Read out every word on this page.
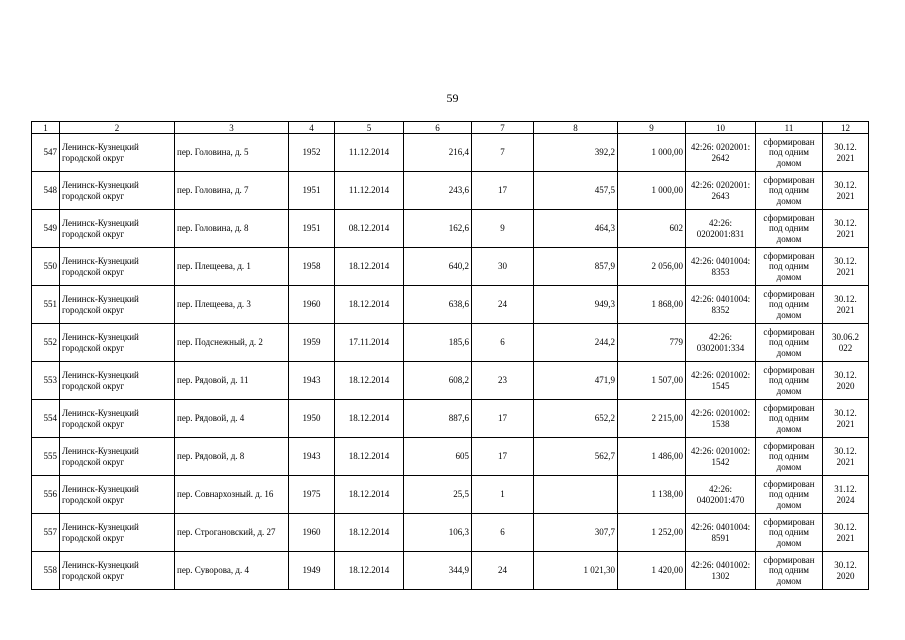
59
1	2	3	4	5	6	7	8	9	10	11	12
547	Ленинск-Кузнецкий городской округ	пер. Головина, д. 5	1952	11.12.2014	216,4	7	392,2	1 000,00	42:26: 0202001: 2642	сформирован под одним домом	30.12. 2021
548	Ленинск-Кузнецкий городской округ	пер. Головина, д. 7	1951	11.12.2014	243,6	17	457,5	1 000,00	42:26: 0202001: 2643	сформирован под одним домом	30.12. 2021
549	Ленинск-Кузнецкий городской округ	пер. Головина, д. 8	1951	08.12.2014	162,6	9	464,3	602	42:26: 0202001:831	сформирован под одним домом	30.12. 2021
550	Ленинск-Кузнецкий городской округ	пер. Плещеева, д. 1	1958	18.12.2014	640,2	30	857,9	2 056,00	42:26: 0401004: 8353	сформирован под одним домом	30.12. 2021
551	Ленинск-Кузнецкий городской округ	пер. Плещеева, д. 3	1960	18.12.2014	638,6	24	949,3	1 868,00	42:26: 0401004: 8352	сформирован под одним домом	30.12. 2021
552	Ленинск-Кузнецкий городской округ	пер. Подснежный, д. 2	1959	17.11.2014	185,6	6	244,2	779	42:26: 0302001:334	сформирован под одним домом	30.06.2 022
553	Ленинск-Кузнецкий городской округ	пер. Рядовой, д. 11	1943	18.12.2014	608,2	23	471,9	1 507,00	42:26: 0201002: 1545	сформирован под одним домом	30.12. 2020
554	Ленинск-Кузнецкий городской округ	пер. Рядовой, д. 4	1950	18.12.2014	887,6	17	652,2	2 215,00	42:26: 0201002: 1538	сформирован под одним домом	30.12. 2021
555	Ленинск-Кузнецкий городской округ	пер. Рядовой, д. 8	1943	18.12.2014	605	17	562,7	1 486,00	42:26: 0201002: 1542	сформирован под одним домом	30.12. 2021
556	Ленинск-Кузнецкий городской округ	пер. Совнархозный. д. 16	1975	18.12.2014	25,5	1		1 138,00	42:26: 0402001:470	сформирован под одним домом	31.12. 2024
557	Ленинск-Кузнецкий городской округ	пер. Строгановский, д. 27	1960	18.12.2014	106,3	6	307,7	1 252,00	42:26: 0401004: 8591	сформирован под одним домом	30.12. 2021
558	Ленинск-Кузнецкий городской округ	пер. Суворова, д. 4	1949	18.12.2014	344,9	24	1 021,30	1 420,00	42:26: 0401002: 1302	сформирован под одним домом	30.12. 2020
